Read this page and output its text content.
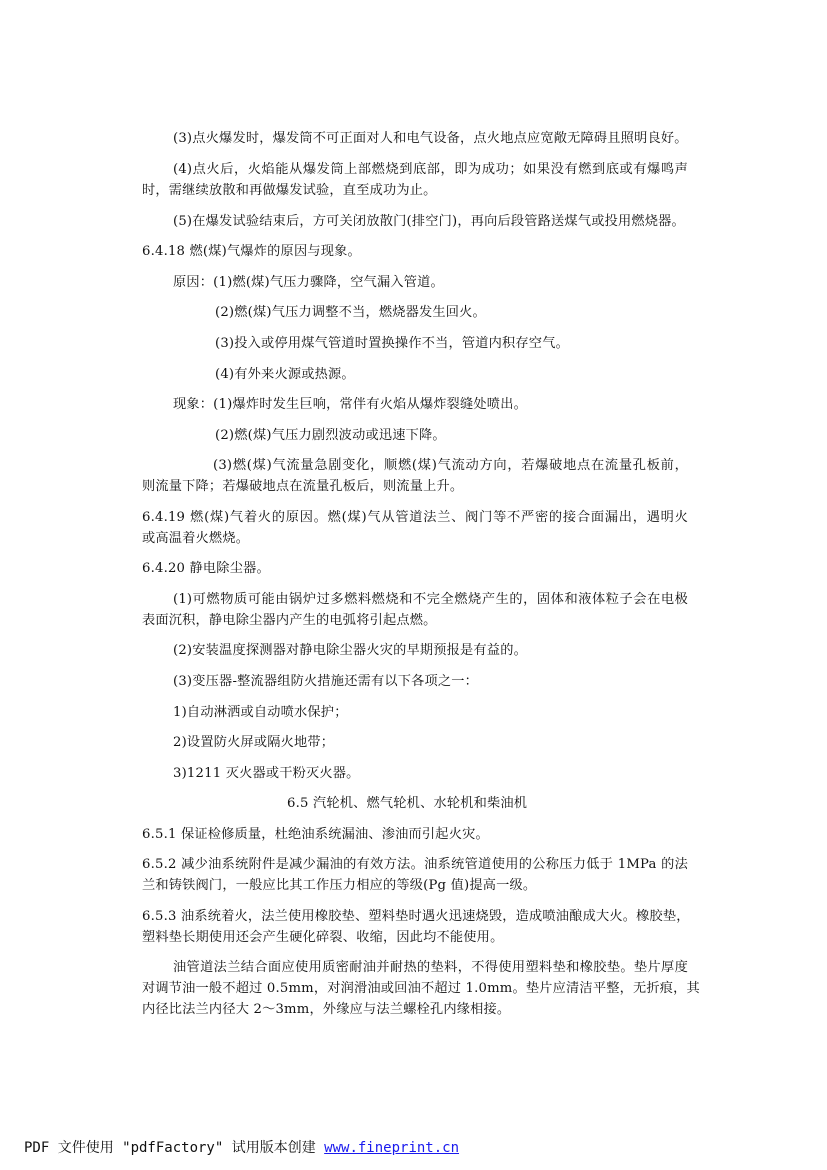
(3)点火爆发时，爆发筒不可正面对人和电气设备，点火地点应宽敞无障碍且照明良好。
(4)点火后，火焰能从爆发筒上部燃烧到底部，即为成功；如果没有燃到底或有爆鸣声
时，需继续放散和再做爆发试验，直至成功为止。
(5)在爆发试验结束后，方可关闭放散门(排空门)，再向后段管路送煤气或投用燃烧器。
6.4.18 燃(煤)气爆炸的原因与现象。
原因：(1)燃(煤)气压力骤降，空气漏入管道。
(2)燃(煤)气压力调整不当，燃烧器发生回火。
(3)投入或停用煤气管道时置换操作不当，管道内积存空气。
(4)有外来火源或热源。
现象：(1)爆炸时发生巨响，常伴有火焰从爆炸裂缝处喷出。
(2)燃(煤)气压力剧烈波动或迅速下降。
(3)燃(煤)气流量急剧变化，顺燃(煤)气流动方向，若爆破地点在流量孔板前，
则流量下降；若爆破地点在流量孔板后，则流量上升。
6.4.19 燃(煤)气着火的原因。燃(煤)气从管道法兰、阀门等不严密的接合面漏出，遇明火
或高温着火燃烧。
6.4.20 静电除尘器。
(1)可燃物质可能由锅炉过多燃料燃烧和不完全燃烧产生的，固体和液体粒子会在电极
表面沉积，静电除尘器内产生的电弧将引起点燃。
(2)安装温度探测器对静电除尘器火灾的早期预报是有益的。
(3)变压器-整流器组防火措施还需有以下各项之一：
1)自动淋洒或自动喷水保护；
2)设置防火屏或隔火地带；
3)1211 灭火器或干粉灭火器。
6.5 汽轮机、燃气轮机、水轮机和柴油机
6.5.1 保证检修质量，杜绝油系统漏油、渗油而引起火灾。
6.5.2 减少油系统附件是减少漏油的有效方法。油系统管道使用的公称压力低于 1MPa 的法
兰和铸铁阀门，一般应比其工作压力相应的等级(Pg 值)提高一级。
6.5.3 油系统着火，法兰使用橡胶垫、塑料垫时遇火迅速烧毁，造成喷油酿成大火。橡胶垫，
塑料垫长期使用还会产生硬化碎裂、收缩，因此均不能使用。
油管道法兰结合面应使用质密耐油并耐热的垫料，不得使用塑料垫和橡胶垫。垫片厚度
对调节油一般不超过 0.5mm，对润滑油或回油不超过 1.0mm。垫片应清洁平整，无折痕，其
内径比法兰内径大 2～3mm，外缘应与法兰螺栓孔内缘相接。
PDF 文件使用 "pdfFactory" 试用版本创建 www.fineprint.cn
